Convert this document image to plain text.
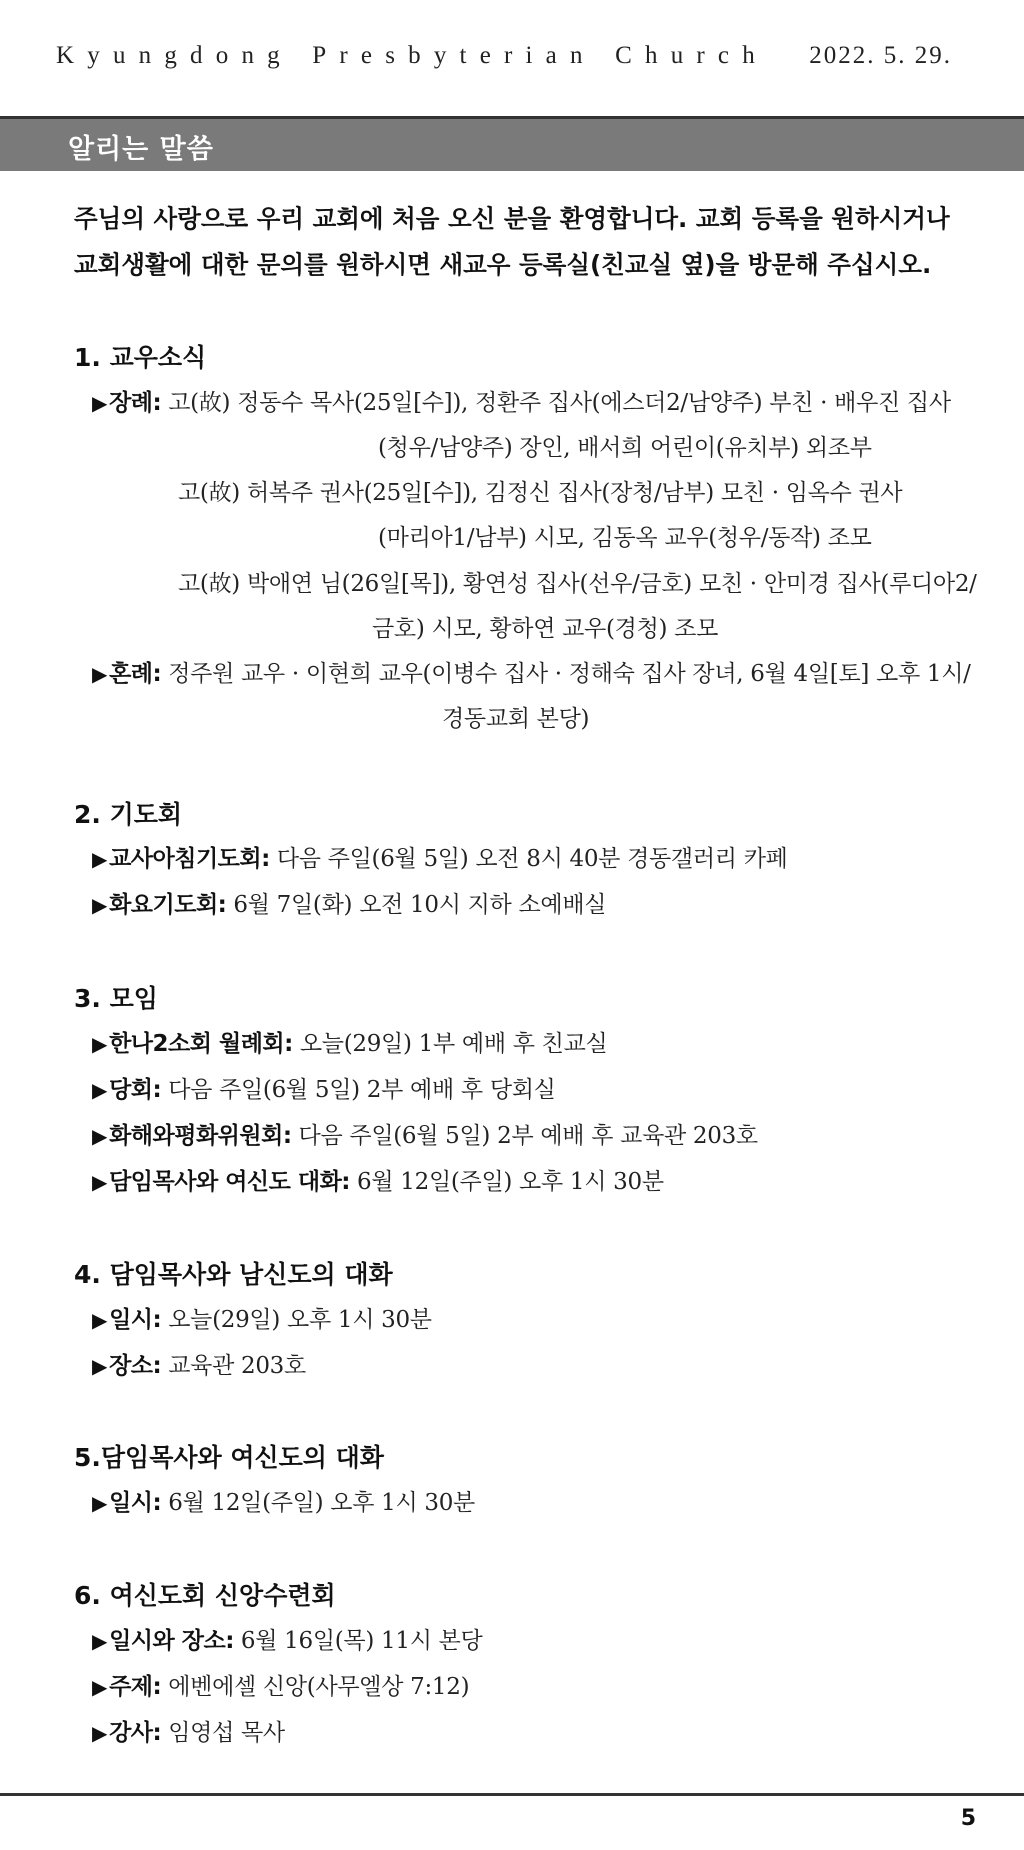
Kyungdong Presbyterian Church 2022. 5. 29.
알리는 말씀

주님의 사랑으로 우리 교회에 처음 오신 분을 환영합니다. 교회 등록을 원하시거나

교회생활에 대한 문의를 원하시면 새교우 등록실(친교실 옆)을 방문해 주십시오.

1. 교우소식
▶장례: 고(故) 정동수 목사(25일[수]), 정환주 집사(에스더2/남양주) 부친 · 배우진 집사
(청우/남양주) 장인, 배서희 어린이(유치부) 외조부
고(故) 허복주 권사(25일[수]), 김정신 집사(장청/남부) 모친 · 임옥수 권사
(마리아1/남부) 시모, 김동옥 교우(청우/동작) 조모
고(故) 박애연 님(26일[목]), 황연성 집사(선우/금호) 모친 · 안미경 집사(루디아2/
금호) 시모, 황하연 교우(경청) 조모
▶혼례: 정주원 교우 · 이현희 교우(이병수 집사 · 정해숙 집사 장녀, 6월 4일[토] 오후 1시/
경동교회 본당)
2. 기도회
▶교사아침기도회: 다음 주일(6월 5일) 오전 8시 40분 경동갤러리 카페
▶화요기도회: 6월 7일(화) 오전 10시 지하 소예배실
3. 모임
▶한나2소회 월례회: 오늘(29일) 1부 예배 후 친교실
▶당회: 다음 주일(6월 5일) 2부 예배 후 당회실
▶화해와평화위원회: 다음 주일(6월 5일) 2부 예배 후 교육관 203호
▶담임목사와 여신도 대화: 6월 12일(주일) 오후 1시 30분
4. 담임목사와 남신도의 대화
▶일시: 오늘(29일) 오후 1시 30분
▶장소: 교육관 203호
5.담임목사와 여신도의 대화
▶일시: 6월 12일(주일) 오후 1시 30분
6. 여신도회 신앙수련회
▶일시와 장소: 6월 16일(목) 11시 본당
▶주제: 에벤에셀 신앙(사무엘상 7:12)
▶강사: 임영섭 목사
5
